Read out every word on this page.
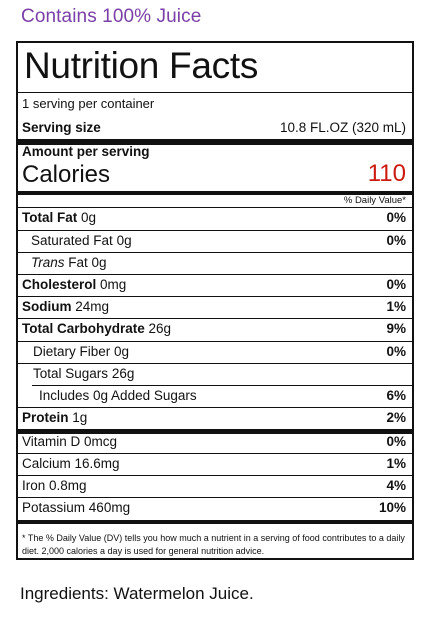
Contains 100% Juice
Nutrition Facts
1 serving per container
Serving size	10.8 FL.OZ (320 mL)
Amount per serving
Calories	110
% Daily Value*
Total Fat 0g	0%
Saturated Fat 0g	0%
Trans Fat 0g
Cholesterol 0mg	0%
Sodium 24mg	1%
Total Carbohydrate 26g	9%
Dietary Fiber 0g	0%
Total Sugars 26g
Includes 0g Added Sugars	6%
Protein 1g	2%
Vitamin D 0mcg	0%
Calcium 16.6mg	1%
Iron 0.8mg	4%
Potassium 460mg	10%
* The % Daily Value (DV) tells you how much a nutrient in a serving of food contributes to a daily diet. 2,000 calories a day is used for general nutrition advice.
Ingredients: Watermelon Juice.
